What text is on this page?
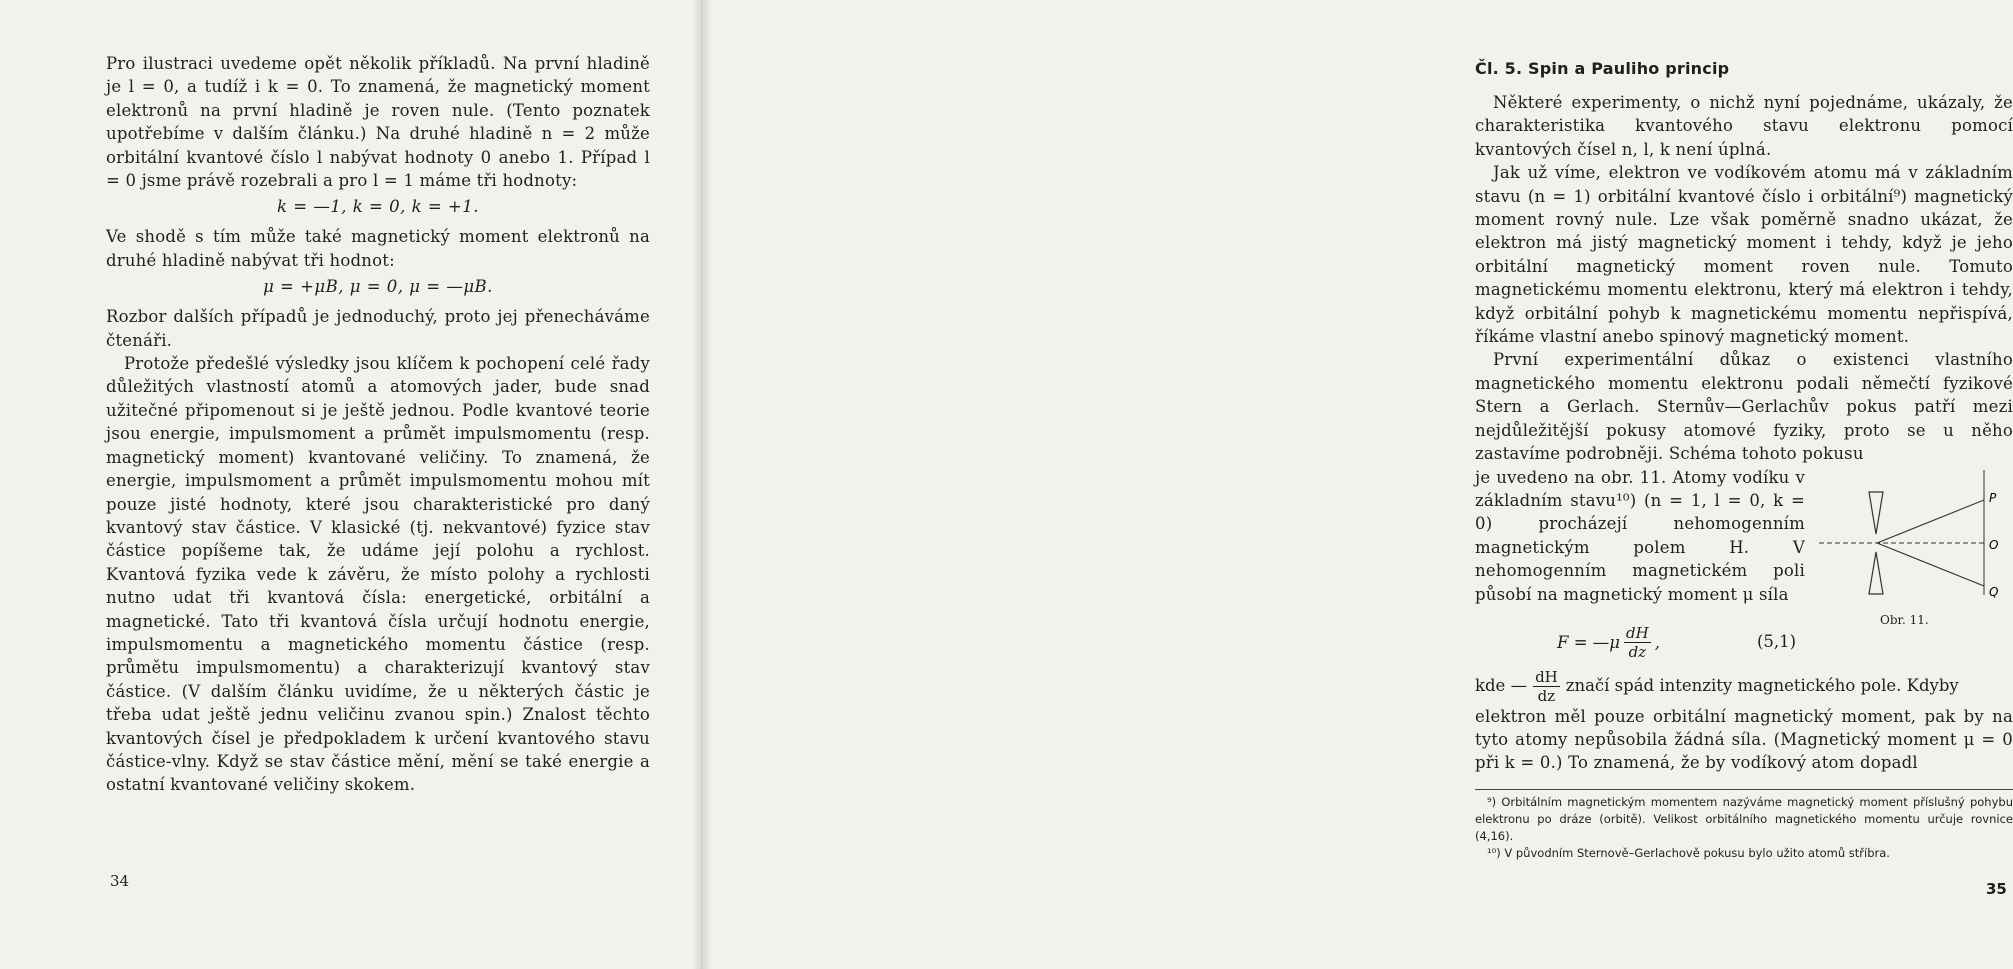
Pro ilustraci uvedeme opět několik příkladů. Na první hladině je l = 0, a tudíž i k = 0. To znamená, že magnetický moment elektronů na první hladině je roven nule. (Tento poznatek upotřebíme v dalším článku.) Na druhé hladině n = 2 může orbitální kvantové číslo l nabývat hodnoty 0 anebo 1. Případ l = 0 jsme právě rozebrali a pro l = 1 máme tři hodnoty:

k = —1, k = 0, k = +1.

Ve shodě s tím může také magnetický moment elektronů na druhé hladině nabývat tři hodnot:

μ = +μB, μ = 0, μ = —μB.

Rozbor dalších případů je jednoduchý, proto jej přenecháváme čtenáři.

Protože předešlé výsledky jsou klíčem k pochopení celé řady důležitých vlastností atomů a atomových jader, bude snad užitečné připomenout si je ještě jednou. Podle kvantové teorie jsou energie, impulsmoment a průmět impulsmomentu (resp. magnetický moment) kvantované veličiny. To znamená, že energie, impulsmoment a průmět impulsmomentu mohou mít pouze jisté hodnoty, které jsou charakteristické pro daný kvantový stav částice. V klasické (tj. nekvantové) fyzice stav částice popíšeme tak, že udáme její polohu a rychlost. Kvantová fyzika vede k závěru, že místo polohy a rychlosti nutno udat tři kvantová čísla: energetické, orbitální a magnetické. Tato tři kvantová čísla určují hodnotu energie, impulsmomentu a magnetického momentu částice (resp. průmětu impulsmomentu) a charakterizují kvantový stav částice. (V dalším článku uvidíme, že u některých částic je třeba udat ještě jednu veličinu zvanou spin.) Znalost těchto kvantových čísel je předpokladem k určení kvantového stavu částice-vlny. Když se stav částice mění, mění se také energie a ostatní kvantované veličiny skokem.

34
Čl. 5. Spin a Pauliho princip

Některé experimenty, o nichž nyní pojednáme, ukázaly, že charakteristika kvantového stavu elektronu pomocí kvantových čísel n, l, k není úplná.

Jak už víme, elektron ve vodíkovém atomu má v základním stavu (n = 1) orbitální kvantové číslo i orbitální⁹) magnetický moment rovný nule. Lze však poměrně snadno ukázat, že elektron má jistý magnetický moment i tehdy, když je jeho orbitální magnetický moment roven nule. Tomuto magnetickému momentu elektronu, který má elektron i tehdy, když orbitální pohyb k magnetickému momentu nepřispívá, říkáme vlastní anebo spinový magnetický moment.

První experimentální důkaz o existenci vlastního magnetického momentu elektronu podali němečtí fyzikové Stern a Gerlach. Sternův—Gerlachův pokus patří mezi nejdůležitější pokusy atomové fyziky, proto se u něho zastavíme podrobněji. Schéma tohoto pokusu

je uvedeno na obr. 11. Atomy vodíku v základním stavu¹⁰) (n = 1, l = 0, k = 0) procházejí nehomogenním magnetickým polem H. V nehomogenním magnetickém poli působí na magnetický moment μ síla

P
O
Q
Obr. 11.
F = —μ $\frac{dH}{dz}$ ,	(5,1)
kde — $\frac{dH}{dz}$ značí spád intenzity magnetického pole. Kdyby

elektron měl pouze orbitální magnetický moment, pak by na tyto atomy nepůsobila žádná síla. (Magnetický moment μ = 0 při k = 0.) To znamená, že by vodíkový atom dopadl

⁹) Orbitálním magnetickým momentem nazýváme magnetický moment příslušný pohybu elektronu po dráze (orbitě). Velikost orbitálního magnetického momentu určuje rovnice (4,16).

¹⁰) V původním Sternově–Gerlachově pokusu bylo užito atomů stříbra.

35
